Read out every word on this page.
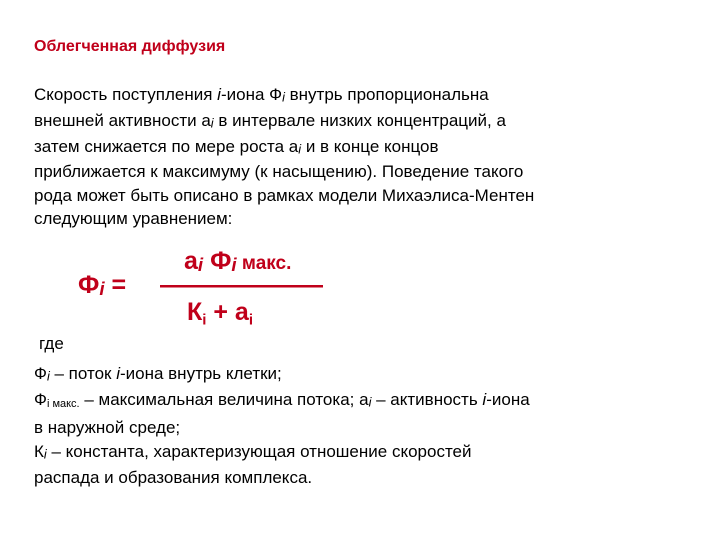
Облегченная диффузия
Скорость поступления i-иона Фi внутрь пропорциональна
внешней активности аi в интервале низких концентраций, а
затем снижается по мере роста аi и в конце концов
приближается к максимуму (к насыщению). Поведение такого
рода может быть описано в рамках модели Михаэлиса-Ментен
следующим уравнением:
Фi =
аi Фi макс.
———————
$К_i + а_i$
где
Фi – поток i-иона внутрь клетки;
Фi макс. – максимальная величина потока; аi – активность i-иона
в наружной среде;
Кi – константа, характеризующая отношение скоростей
распада и образования комплекса.
